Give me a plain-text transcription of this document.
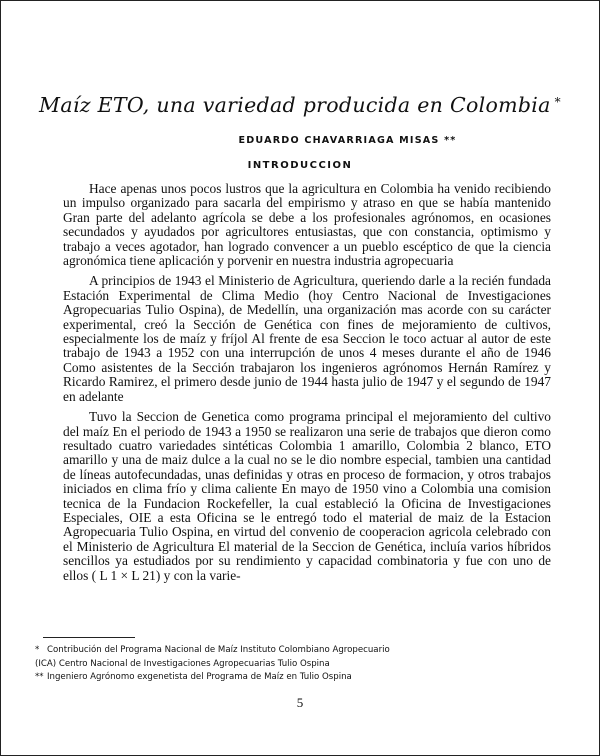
Maíz ETO, una variedad producida en Colombia *
EDUARDO CHAVARRIAGA MISAS **
INTRODUCCION

Hace apenas unos pocos lustros que la agricultura en Colombia ha venido recibiendo un impulso organizado para sacarla del empirismo y atraso en que se había mantenido Gran parte del adelanto agrícola se debe a los profesionales agrónomos, en ocasiones secundados y ayudados por agricultores entusiastas, que con constancia, optimismo y trabajo a veces agotador, han logrado convencer a un pueblo escéptico de que la ciencia agronómica tiene aplicación y porvenir en nuestra industria agropecuaria

A principios de 1943 el Ministerio de Agricultura, queriendo darle a la recién fundada Estación Experimental de Clima Medio (hoy Centro Nacional de Investigaciones Agropecuarias Tulio Ospina), de Medellín, una organización mas acorde con su carácter experimental, creó la Sección de Genética con fines de mejoramiento de cultivos, especialmente los de maíz y fríjol Al frente de esa Seccion le toco actuar al autor de este trabajo de 1943 a 1952 con una interrupción de unos 4 meses durante el año de 1946 Como asistentes de la Sección trabajaron los ingenieros agrónomos Hernán Ramírez y Ricardo Ramirez, el primero desde junio de 1944 hasta julio de 1947 y el segundo de 1947 en adelante

Tuvo la Seccion de Genetica como programa principal el mejoramiento del cultivo del maíz En el periodo de 1943 a 1950 se realizaron una serie de trabajos que dieron como resultado cuatro variedades sintéticas Colombia 1 amarillo, Colombia 2 blanco, ETO amarillo y una de maiz dulce a la cual no se le dio nombre especial, tambien una cantidad de líneas autofecundadas, unas definidas y otras en proceso de formacion, y otros trabajos iniciados en clima frío y clima caliente En mayo de 1950 vino a Colombia una comision tecnica de la Fundacion Rockefeller, la cual estableció la Oficina de Investigaciones Especiales, OIE a esta Oficina se le entregó todo el material de maiz de la Estacion Agropecuaria Tulio Ospina, en virtud del convenio de cooperacion agricola celebrado con el Ministerio de Agricultura El material de la Seccion de Genética, incluía varios híbridos sencillos ya estudiados por su rendimiento y capacidad combinatoria y fue con uno de ellos ( L 1 × L 21) y con la varie-

* Contribución del Programa Nacional de Maíz Instituto Colombiano Agropecuario

(ICA) Centro Nacional de Investigaciones Agropecuarias Tulio Ospina

** Ingeniero Agrónomo exgenetista del Programa de Maíz en Tulio Ospina

5
